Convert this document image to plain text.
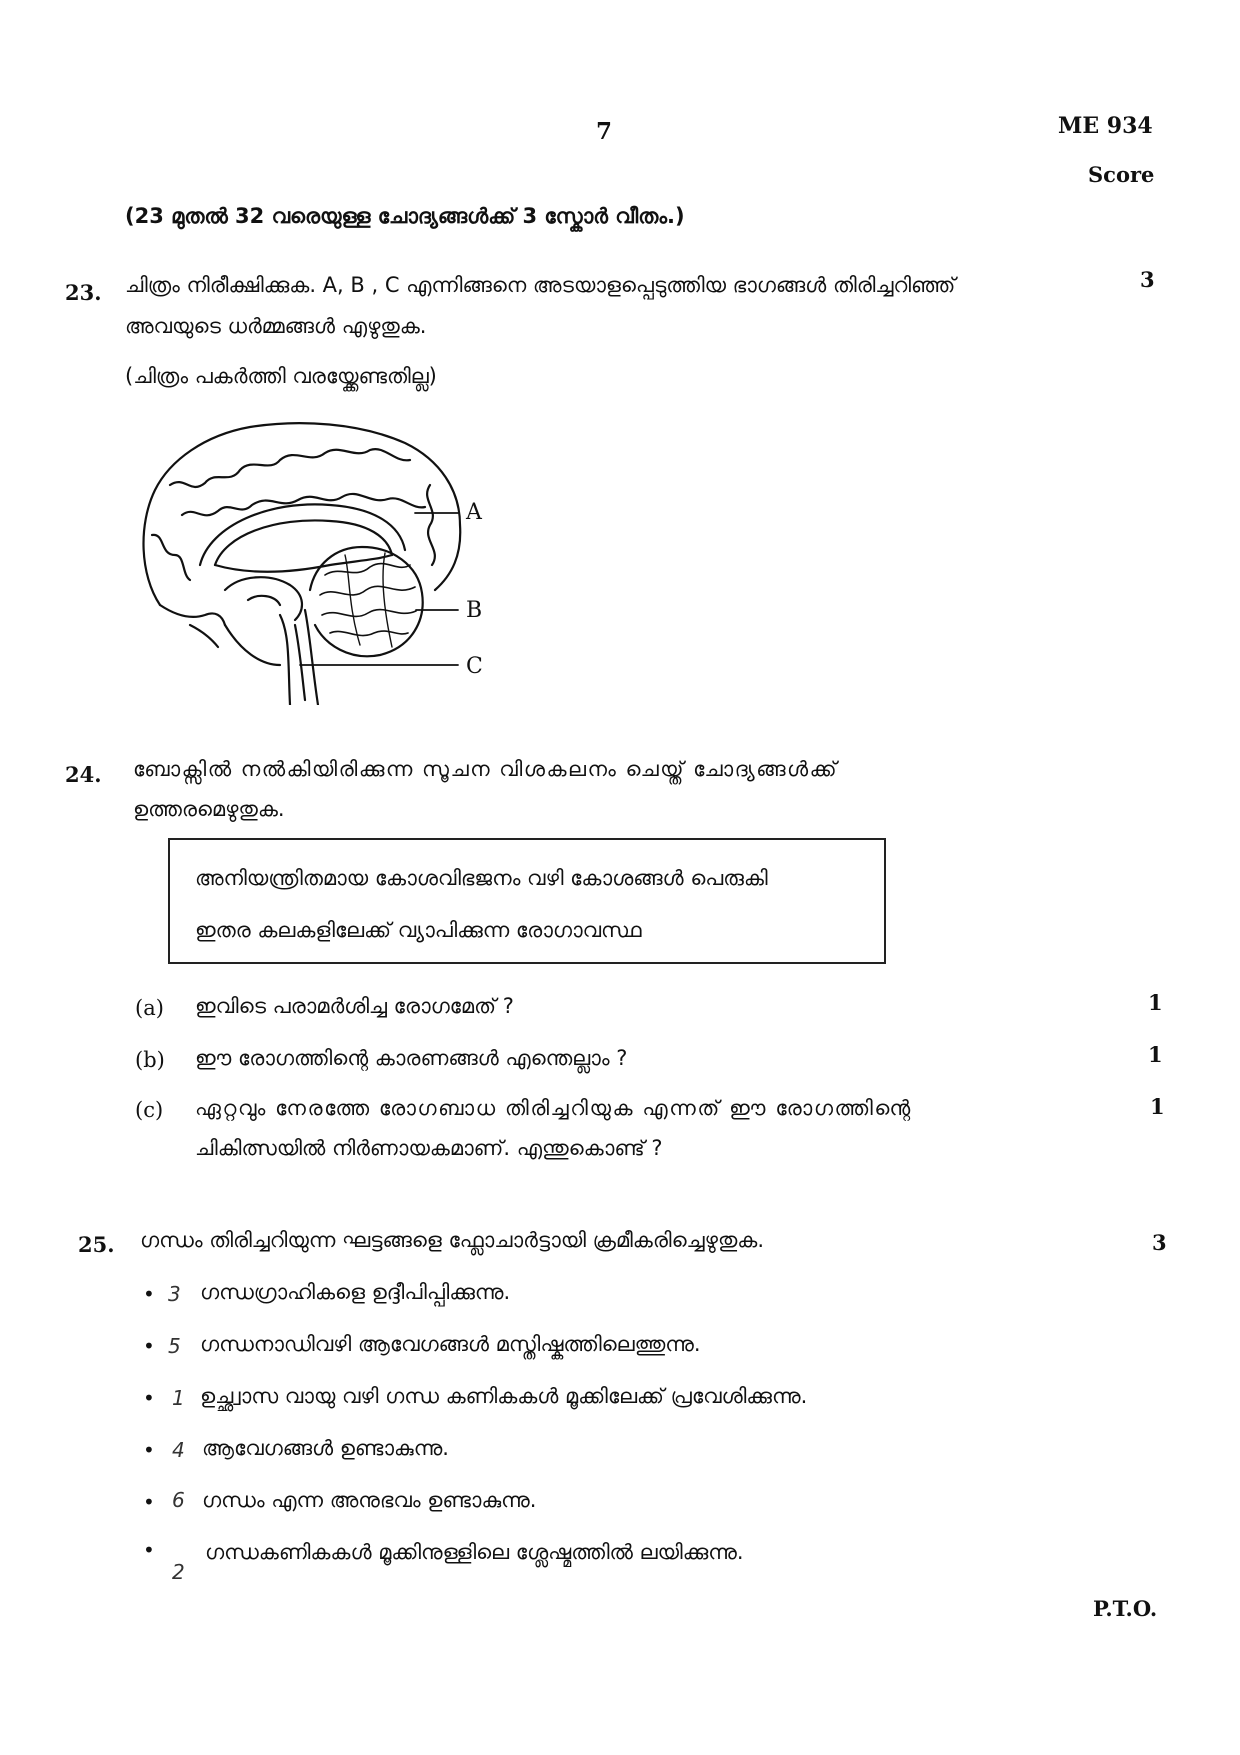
7	ME 934
Score
(23 മുതൽ 32 വരെയുള്ള ചോദ്യങ്ങൾക്ക് 3 സ്കോർ വീതം.)
23. ചിത്രം നിരീക്ഷിക്കുക. A, B , C എന്നിങ്ങനെ അടയാളപ്പെടുത്തിയ ഭാഗങ്ങൾ തിരിച്ചറിഞ്ഞ്	3
അവയുടെ ധർമ്മങ്ങൾ എഴുതുക.
(ചിത്രം പകർത്തി വരയ്ക്കേണ്ടതില്ല)
A
B
C
24. ബോക്സിൽ നൽകിയിരിക്കുന്ന സൂചന വിശകലനം ചെയ്ത് ചോദ്യങ്ങൾക്ക്
ഉത്തരമെഴുതുക.
അനിയന്ത്രിതമായ കോശവിഭജനം വഴി കോശങ്ങൾ പെരുകി
ഇതര കലകളിലേക്ക് വ്യാപിക്കുന്ന രോഗാവസ്ഥ
(a) ഇവിടെ പരാമർശിച്ച രോഗമേത് ?	1
(b) ഈ രോഗത്തിന്റെ കാരണങ്ങൾ എന്തെല്ലാം ?	1
(c) ഏറ്റവും നേരത്തേ രോഗബാധ തിരിച്ചറിയുക എന്നത് ഈ രോഗത്തിന്റെ	1
ചികിത്സയിൽ നിർണായകമാണ്. എന്തുകൊണ്ട് ?
25. ഗന്ധം തിരിച്ചറിയുന്ന ഘട്ടങ്ങളെ ഫ്ലോചാർട്ടായി ക്രമീകരിച്ചെഴുതുക.	3
• 3 ഗന്ധഗ്രാഹികളെ ഉദ്ദീപിപ്പിക്കുന്നു.
• 5 ഗന്ധനാഡിവഴി ആവേഗങ്ങൾ മസ്തിഷ്കത്തിലെത്തുന്നു.
• 1 ഉച്ഛ്വാസ വായു വഴി ഗന്ധ കണികകൾ മൂക്കിലേക്ക് പ്രവേശിക്കുന്നു.
• 4 ആവേഗങ്ങൾ ഉണ്ടാകുന്നു.
• 6 ഗന്ധം എന്ന അനുഭവം ഉണ്ടാകുന്നു.
•
2
ഗന്ധകണികകൾ മൂക്കിനുള്ളിലെ ശ്ലേഷ്മത്തിൽ ലയിക്കുന്നു.
P.T.O.
